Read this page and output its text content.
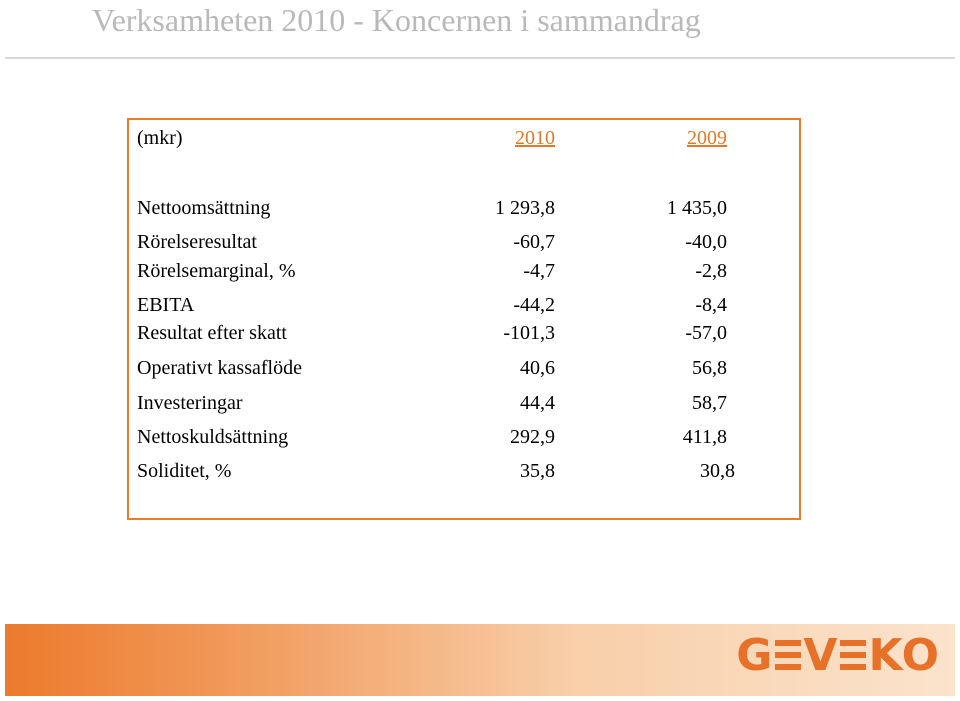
Verksamheten 2010 - Koncernen i sammandrag
(mkr)	2010	2009
Nettoomsättning	1 293,8	1 435,0
Rörelseresultat	-60,7	-40,0
Rörelsemarginal, %	-4,7	-2,8
EBITA	-44,2	-8,4
Resultat efter skatt	-101,3	-57,0
Operativt kassaflöde	40,6	56,8
Investeringar	44,4	58,7
Nettoskuldsättning	292,9	411,8
Soliditet, %	35,8	30,8
G V KO
